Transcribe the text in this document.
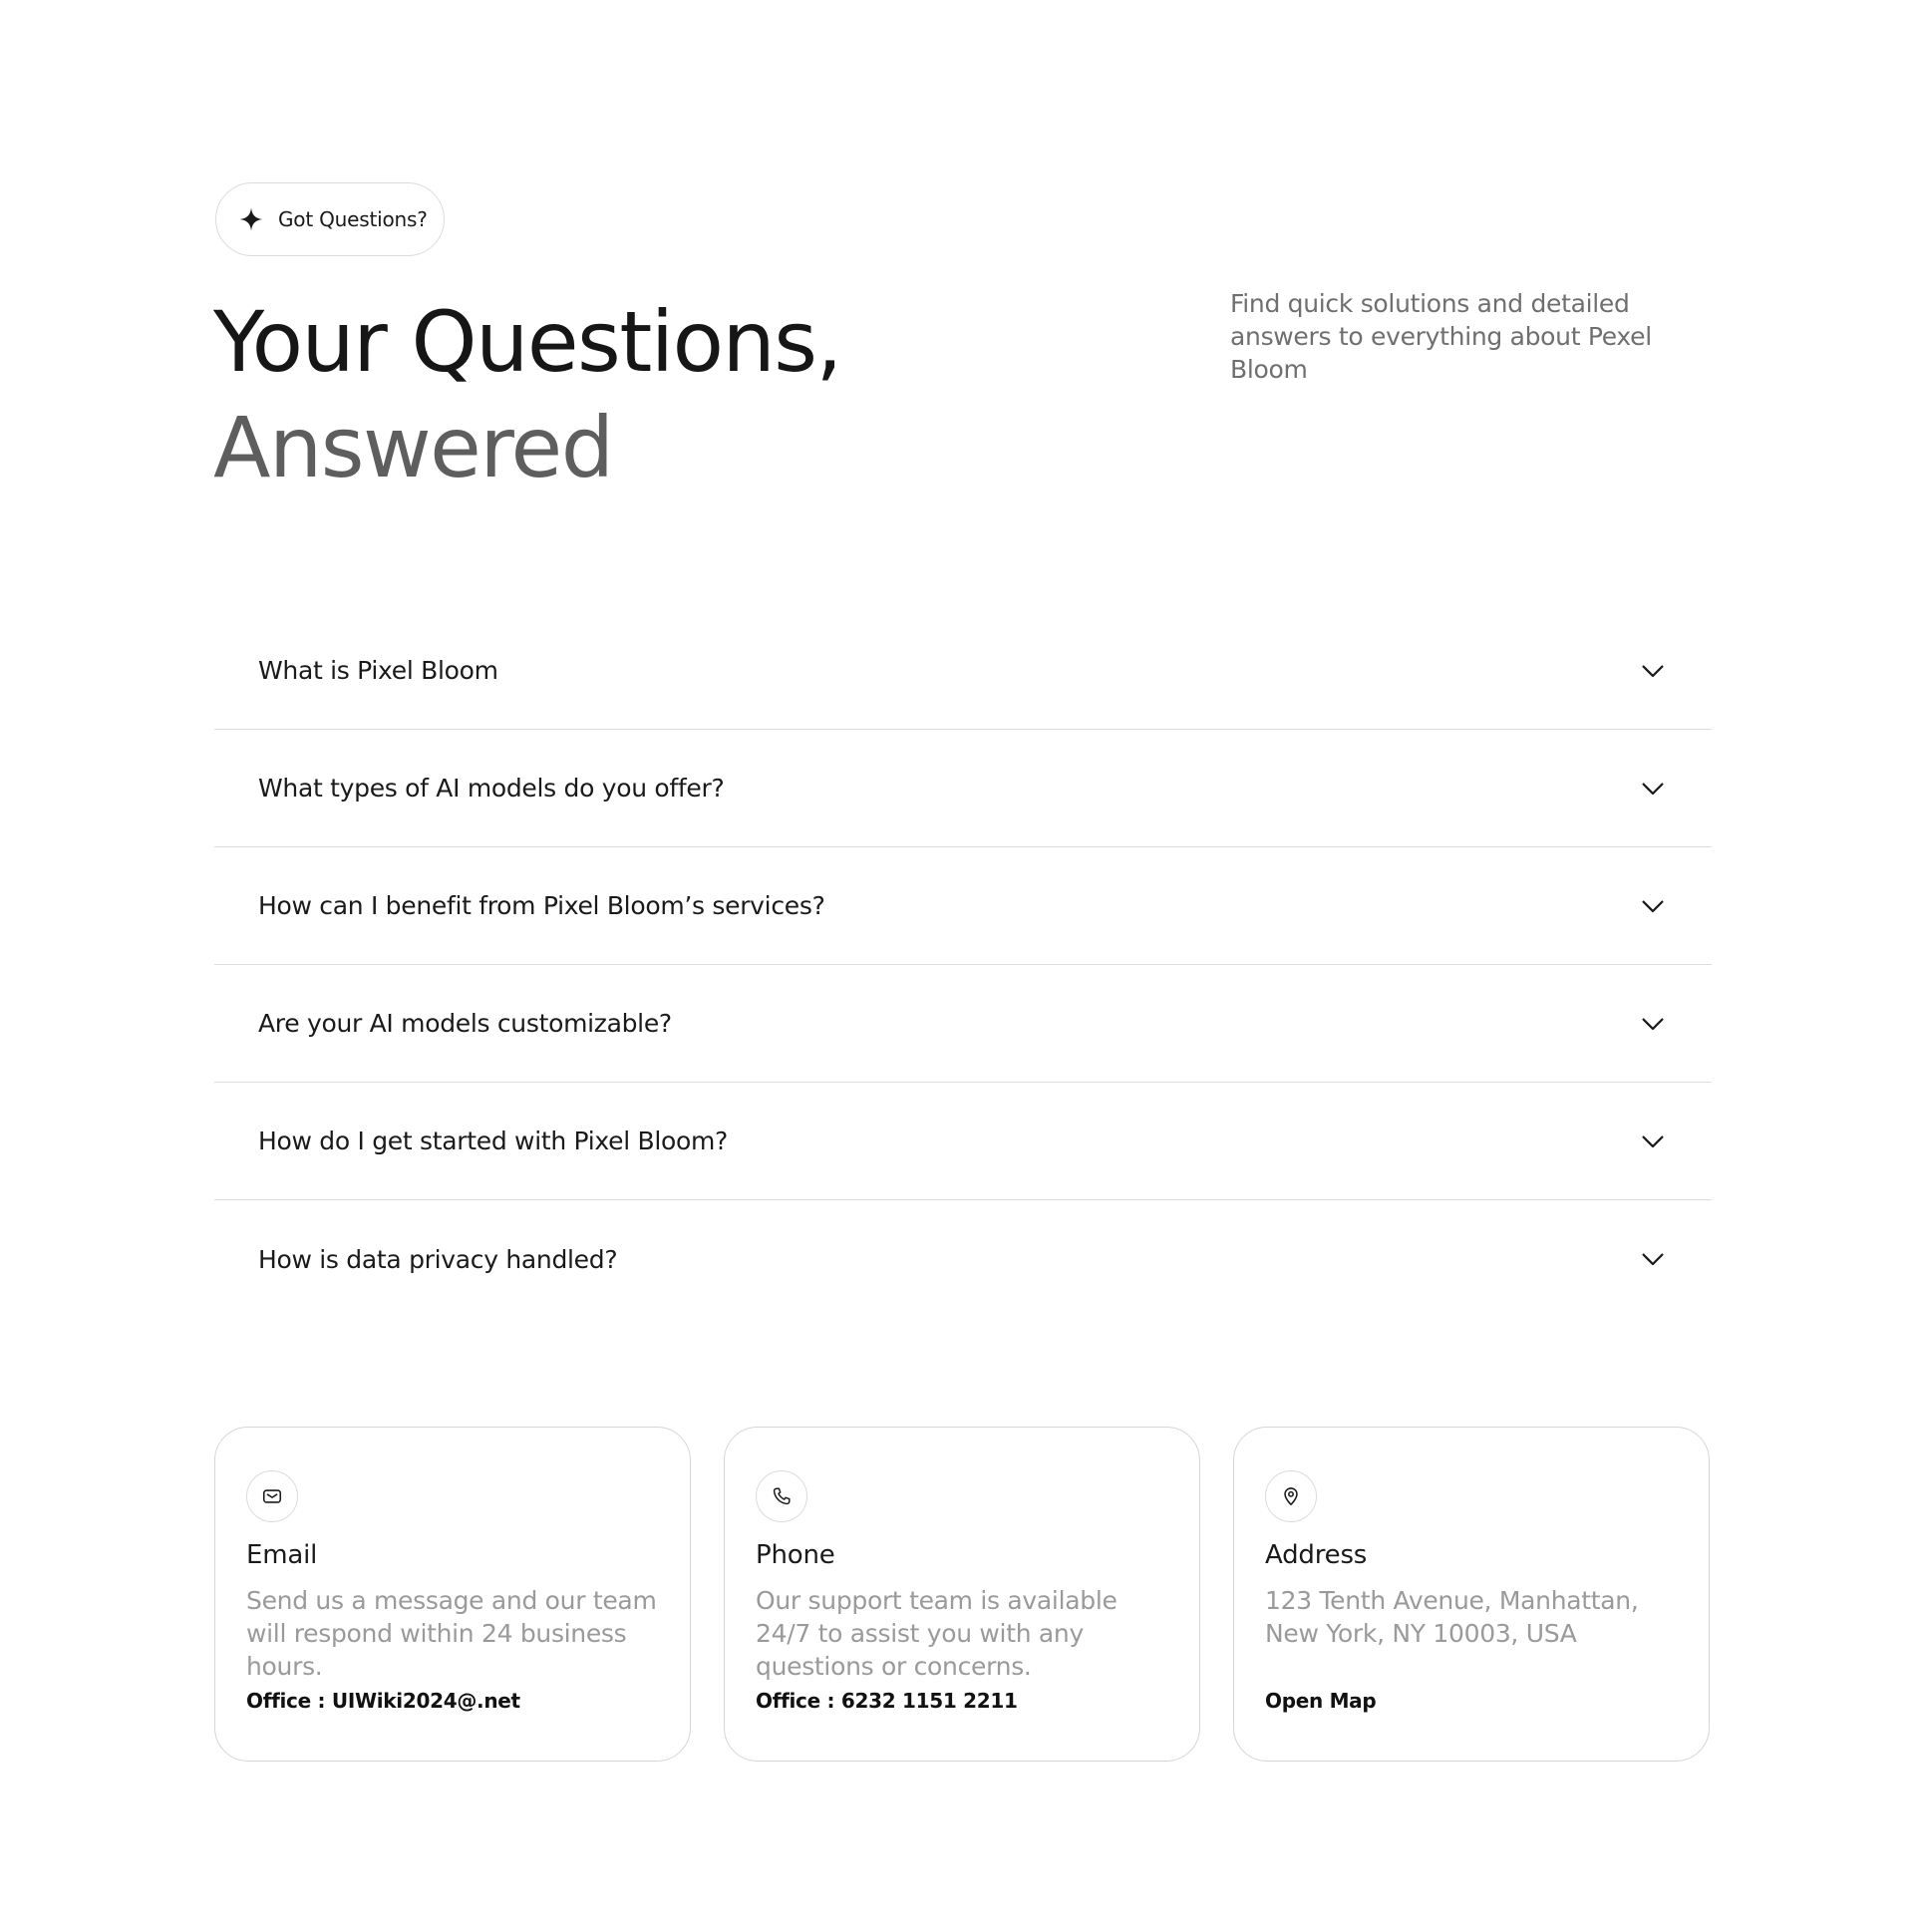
Got Questions?
Your Questions,
Answered

Find quick solutions and detailed answers to everything about Pexel Bloom

What is Pixel Bloom
What types of AI models do you offer?
How can I benefit from Pixel Bloom’s services?
Are your AI models customizable?
How do I get started with Pixel Bloom?
How is data privacy handled?
Email

Send us a message and our team will respond within 24 business hours.

Office : UIWiki2024@.net
Phone

Our support team is available 24/7 to assist you with any questions or concerns.

Office : 6232 1151 2211
Address

123 Tenth Avenue, Manhattan, New York, NY 10003, USA

Open Map
